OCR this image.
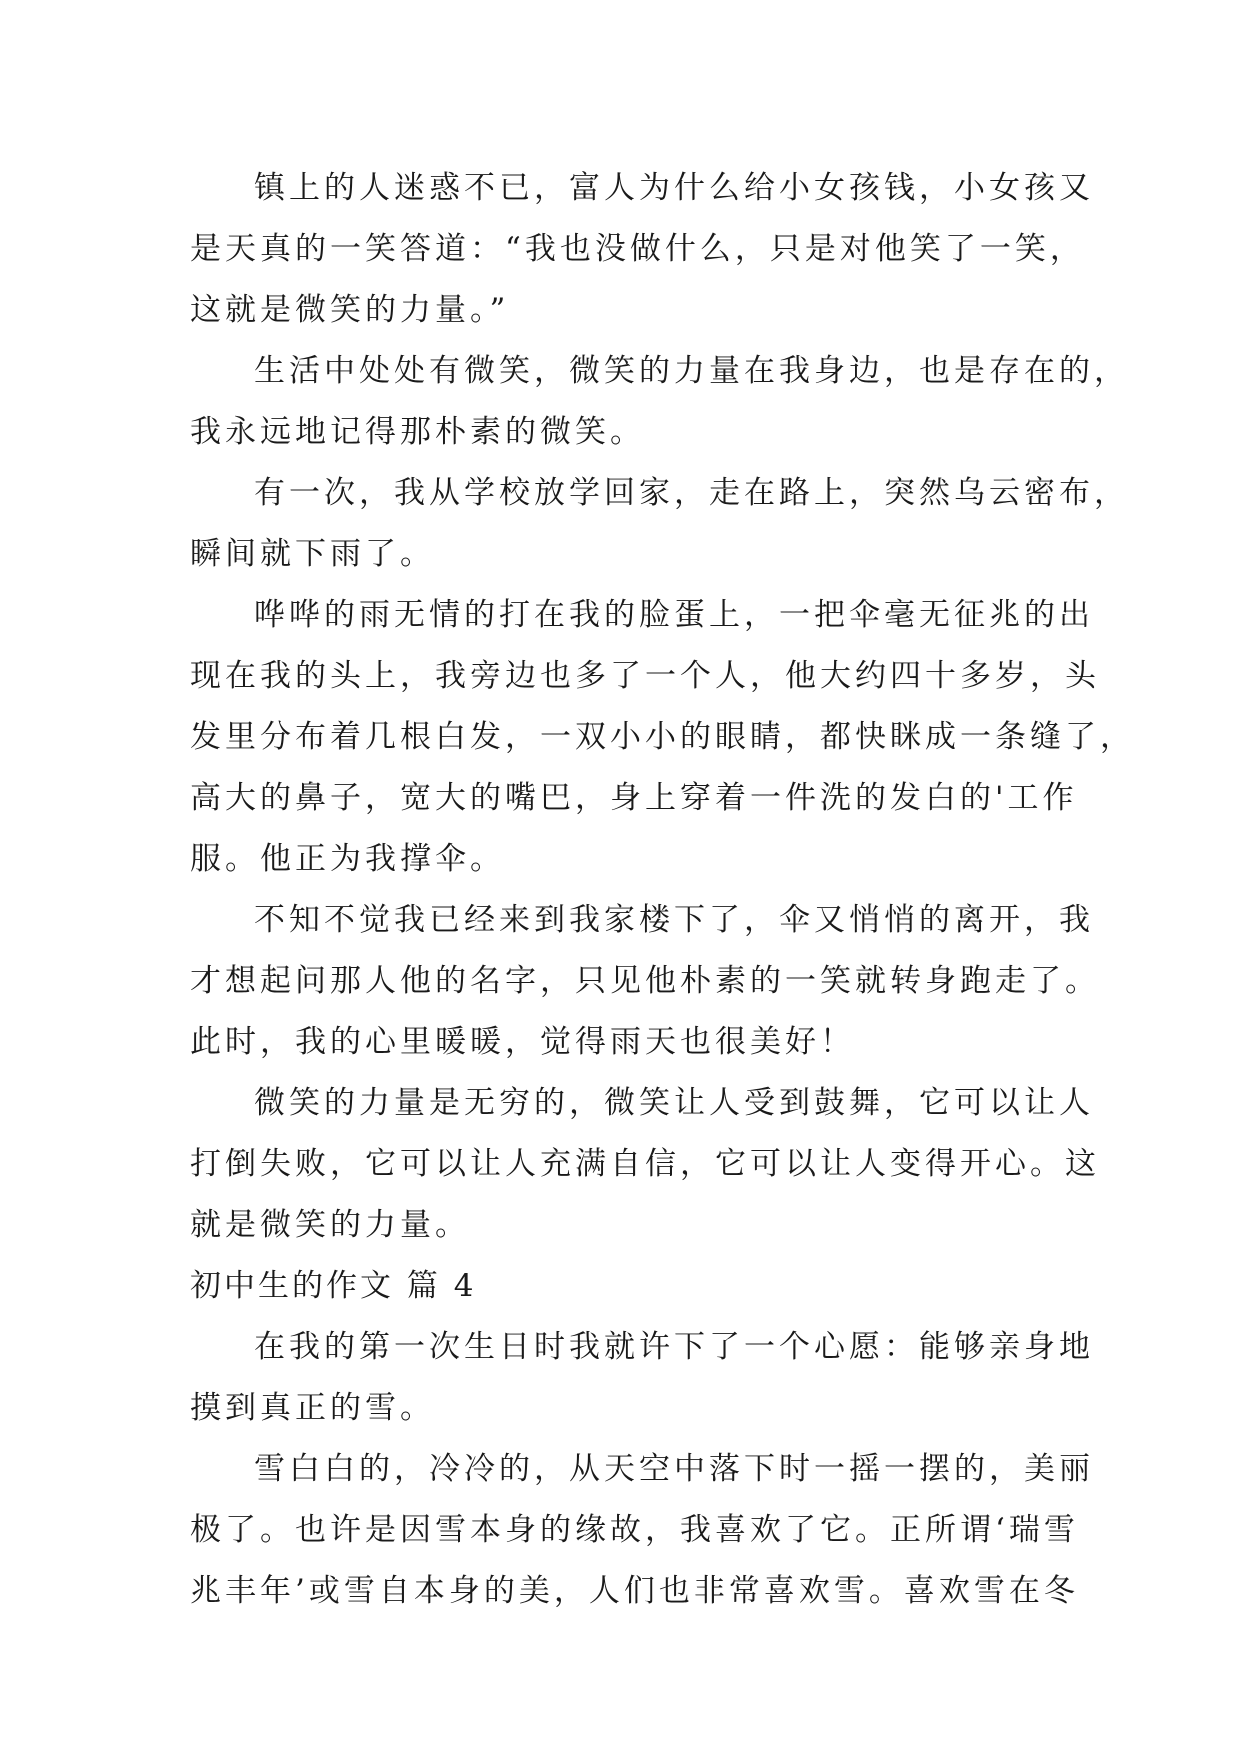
镇上的人迷惑不已，富人为什么给小女孩钱，小女孩又
是天真的一笑答道：“我也没做什么，只是对他笑了一笑，
这就是微笑的力量。”
生活中处处有微笑，微笑的力量在我身边，也是存在的，
我永远地记得那朴素的微笑。
有一次，我从学校放学回家，走在路上，突然乌云密布，
瞬间就下雨了。
哗哗的雨无情的打在我的脸蛋上，一把伞毫无征兆的出
现在我的头上，我旁边也多了一个人，他大约四十多岁，头
发里分布着几根白发，一双小小的眼睛，都快眯成一条缝了，
高大的鼻子，宽大的嘴巴，身上穿着一件洗的发白的'工作
服。他正为我撑伞。
不知不觉我已经来到我家楼下了，伞又悄悄的离开，我
才想起问那人他的名字，只见他朴素的一笑就转身跑走了。
此时，我的心里暖暖，觉得雨天也很美好！
微笑的力量是无穷的，微笑让人受到鼓舞，它可以让人
打倒失败，它可以让人充满自信，它可以让人变得开心。这
就是微笑的力量。
初中生的作文 篇 4
在我的第一次生日时我就许下了一个心愿：能够亲身地
摸到真正的雪。
雪白白的，冷冷的，从天空中落下时一摇一摆的，美丽
极了。也许是因雪本身的缘故，我喜欢了它。正所谓‘瑞雪
兆丰年’或雪自本身的美，人们也非常喜欢雪。喜欢雪在冬
